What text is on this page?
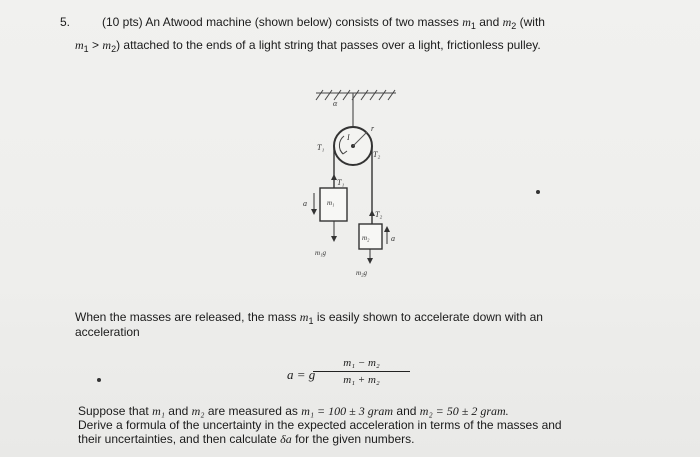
5.	(10 pts) An Atwood machine (shown below) consists of two masses $m_1$ and $m_2$ (with
$m_1 > m_2$) attached to the ends of a light string that passes over a light, frictionless pulley.
α
r
I
T₁
T₂
T₁
T₂
m₁
m₂
a
a
m₁g
m₂g
When the masses are released, the mass $m_1$ is easily shown to accelerate down with an
acceleration
a = g
m₁ − m₂
m₁ + m₂
Suppose that m₁ and m₂ are measured as m₁ = 100 ± 3 gram and m₂ = 50 ± 2 gram.
Derive a formula of the uncertainty in the expected acceleration in terms of the masses and
their uncertainties, and then calculate δa for the given numbers.
